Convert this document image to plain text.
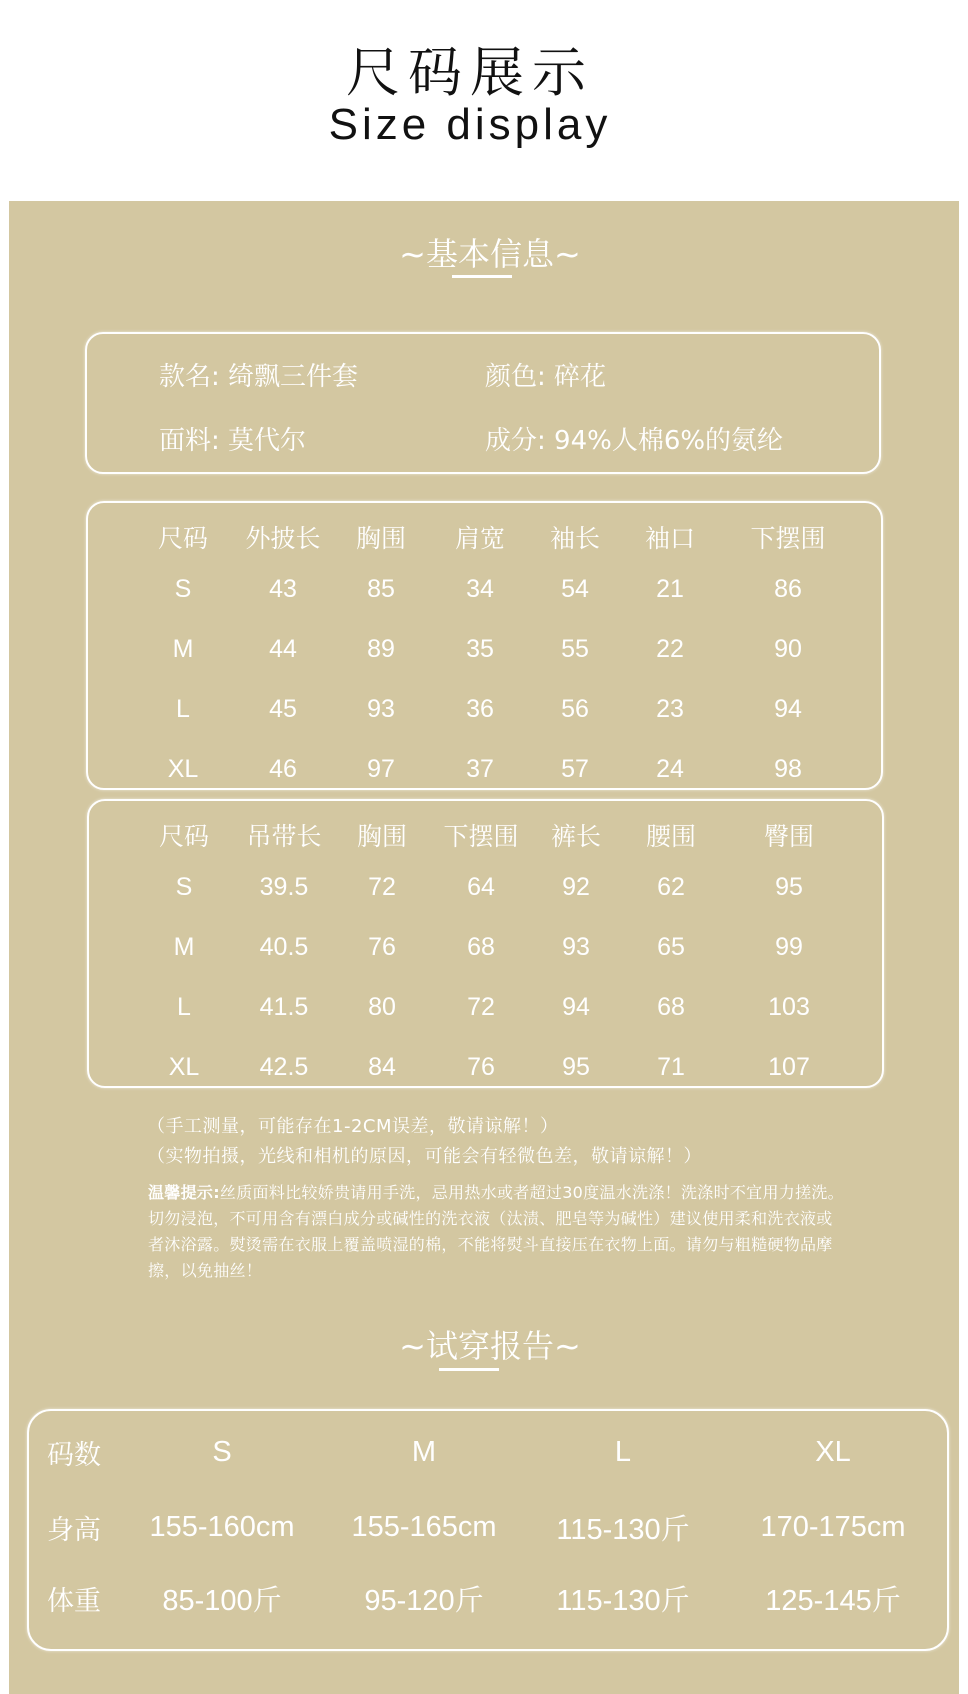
尺码展示
Size display
~基本信息~
款名: 绮飘三件套	颜色: 碎花
面料: 莫代尔	成分: 94%人棉6%的氨纶
尺码	外披长	胸围	肩宽	袖长	袖口	下摆围
S	43	85	34	54	21	86
M	44	89	35	55	22	90
L	45	93	36	56	23	94
XL	46	97	37	57	24	98
尺码	吊带长	胸围	下摆围	裤长	腰围	臀围
S	39.5	72	64	92	62	95
M	40.5	76	68	93	65	99
L	41.5	80	72	94	68	103
XL	42.5	84	76	95	71	107
（手工测量，可能存在1-2CM误差，敬请谅解！）
（实物拍摄，光线和相机的原因，可能会有轻微色差，敬请谅解！）
温馨提示:丝质面料比较娇贵请用手洗，忌用热水或者超过30度温水洗涤！洗涤时不宜用力搓洗。切勿浸泡，不可用含有漂白成分或碱性的洗衣液（汰渍、肥皂等为碱性）建议使用柔和洗衣液或者沐浴露。熨烫需在衣服上覆盖喷湿的棉，不能将熨斗直接压在衣物上面。请勿与粗糙硬物品摩擦，以免抽丝！
~试穿报告~
码数	S	M	L	XL
身高	155-160cm	155-165cm	115-130斤	170-175cm
体重	85-100斤	95-120斤	115-130斤	125-145斤
